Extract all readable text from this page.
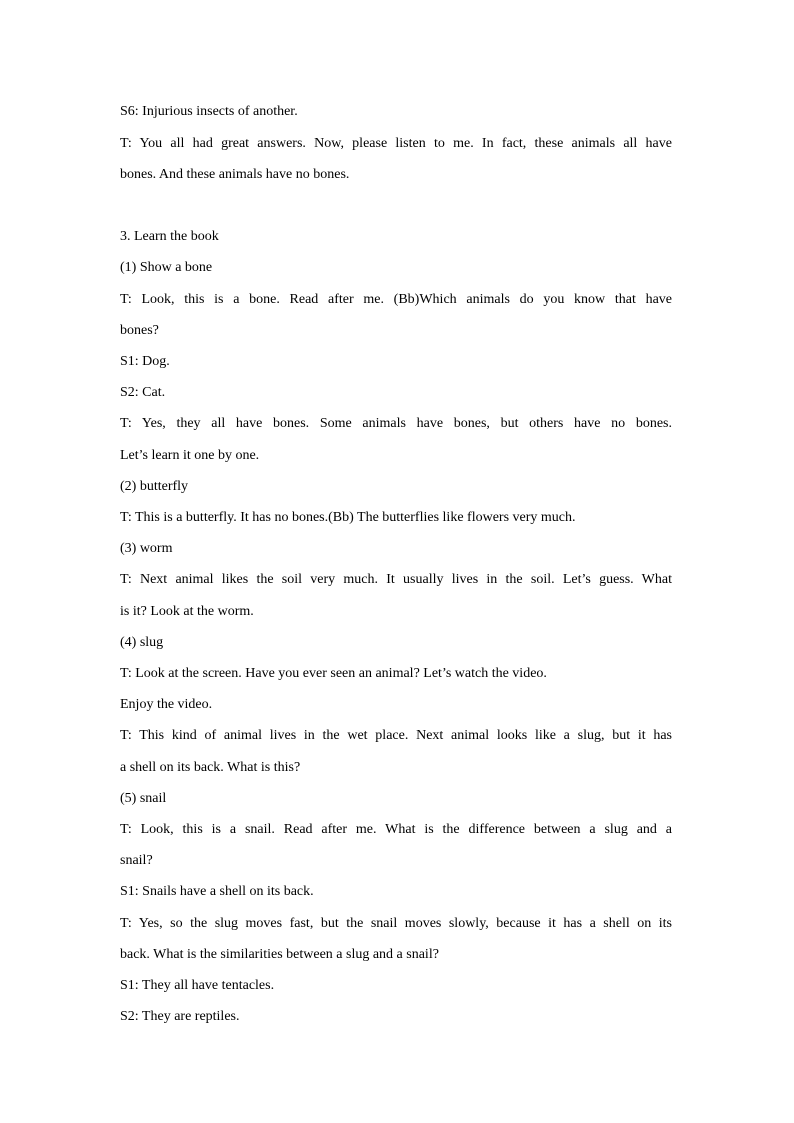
S6: Injurious insects of another.
T: You all had great answers. Now, please listen to me. In fact, these animals all have
bones. And these animals have no bones.
3. Learn the book
(1) Show a bone
T: Look, this is a bone. Read after me. (Bb)Which animals do you know that have
bones?
S1: Dog.
S2: Cat.
T: Yes, they all have bones. Some animals have bones, but others have no bones.
Let’s learn it one by one.
(2) butterfly
T: This is a butterfly. It has no bones.(Bb) The butterflies like flowers very much.
(3) worm
T: Next animal likes the soil very much. It usually lives in the soil. Let’s guess. What
is it? Look at the worm.
(4) slug
T: Look at the screen. Have you ever seen an animal? Let’s watch the video.
Enjoy the video.
T: This kind of animal lives in the wet place. Next animal looks like a slug, but it has
a shell on its back. What is this?
(5) snail
T: Look, this is a snail. Read after me. What is the difference between a slug and a
snail?
S1: Snails have a shell on its back.
T: Yes, so the slug moves fast, but the snail moves slowly, because it has a shell on its
back. What is the similarities between a slug and a snail?
S1: They all have tentacles.
S2: They are reptiles.
